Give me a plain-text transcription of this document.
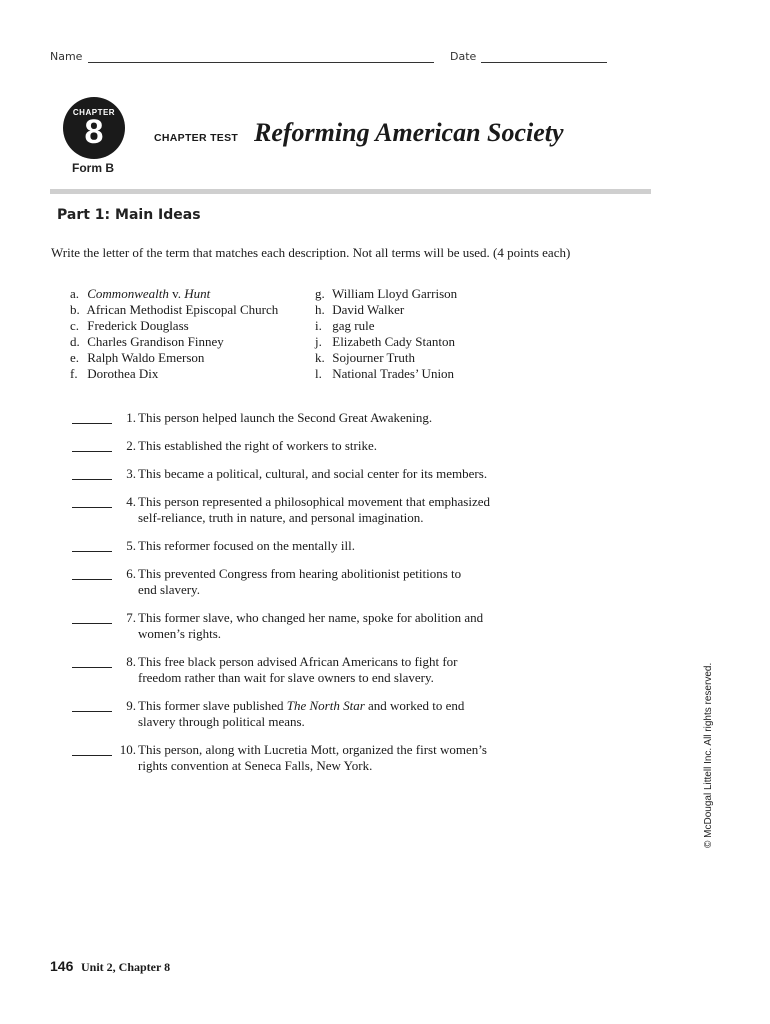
Name	Date
CHAPTER
8
Form B
CHAPTER TEST Reforming American Society
Part 1: Main Ideas
Write the letter of the term that matches each description. Not all terms will be used. (4 points each)
a. Commonwealth v. Hunt
b. African Methodist Episcopal Church
c. Frederick Douglass
d. Charles Grandison Finney
e. Ralph Waldo Emerson
f. Dorothea Dix
g. William Lloyd Garrison
h. David Walker
i. gag rule
j. Elizabeth Cady Stanton
k. Sojourner Truth
l. National Trades’ Union
1. This person helped launch the Second Great Awakening.
2. This established the right of workers to strike.
3. This became a political, cultural, and social center for its members.
4. This person represented a philosophical movement that emphasized
self-reliance, truth in nature, and personal imagination.
5. This reformer focused on the mentally ill.
6. This prevented Congress from hearing abolitionist petitions to
end slavery.
7. This former slave, who changed her name, spoke for abolition and
women’s rights.
8. This free black person advised African Americans to fight for
freedom rather than wait for slave owners to end slavery.
9. This former slave published The North Star and worked to end
slavery through political means.
10. This person, along with Lucretia Mott, organized the first women’s
rights convention at Seneca Falls, New York.	© McDougal Littell Inc. All rights reserved.
146 Unit 2, Chapter 8
